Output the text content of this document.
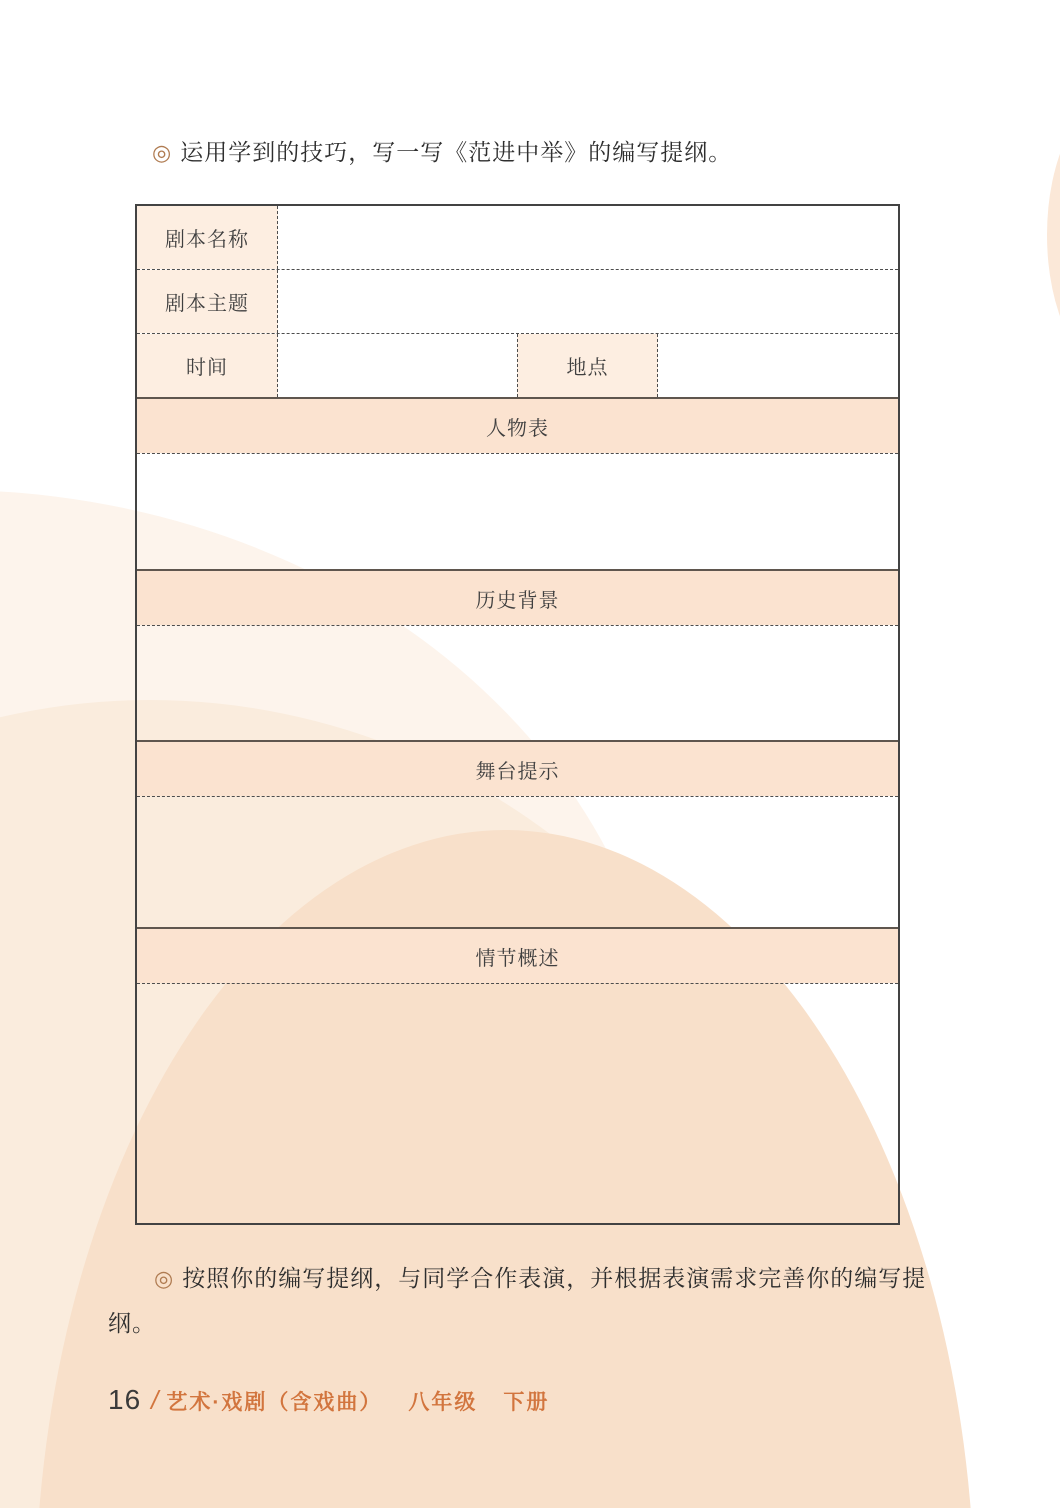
◎ 运用学到的技巧，写一写《范进中举》的编写提纲。
剧本名称
剧本主题
时间	地点
人物表
历史背景
舞台提示
情节概述

◎ 按照你的编写提纲，与同学合作表演，并根据表演需求完善你的编写提纲。

16 / 艺术·戏剧（含戏曲） 八年级 下册
